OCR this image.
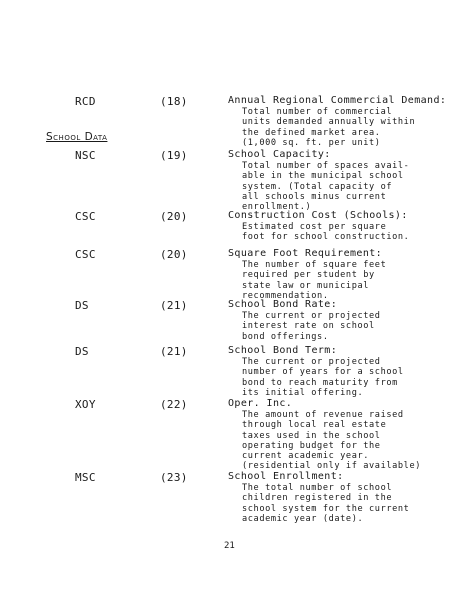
RCD	(18)	Annual Regional Commercial Demand:
Total number of commercial
units demanded annually within
the defined market area.
(1,000 sq. ft. per unit)
School Data
NSC	(19)	School Capacity:
Total number of spaces avail-
able in the municipal school
system. (Total capacity of
all schools minus current
enrollment.)
CSC	(20)	Construction Cost (Schools):
Estimated cost per square
foot for school construction.
CSC	(20)	Square Foot Requirement:
The number of square feet
required per student by
state law or municipal
recommendation.
DS	(21)	School Bond Rate:
The current or projected
interest rate on school
bond offerings.
DS	(21)	School Bond Term:
The current or projected
number of years for a school
bond to reach maturity from
its initial offering.
XOY	(22)	Oper. Inc.
The amount of revenue raised
through local real estate
taxes used in the school
operating budget for the
current academic year.
(residential only if available)
MSC	(23)	School Enrollment:
The total number of school
children registered in the
school system for the current
academic year (date).
21
